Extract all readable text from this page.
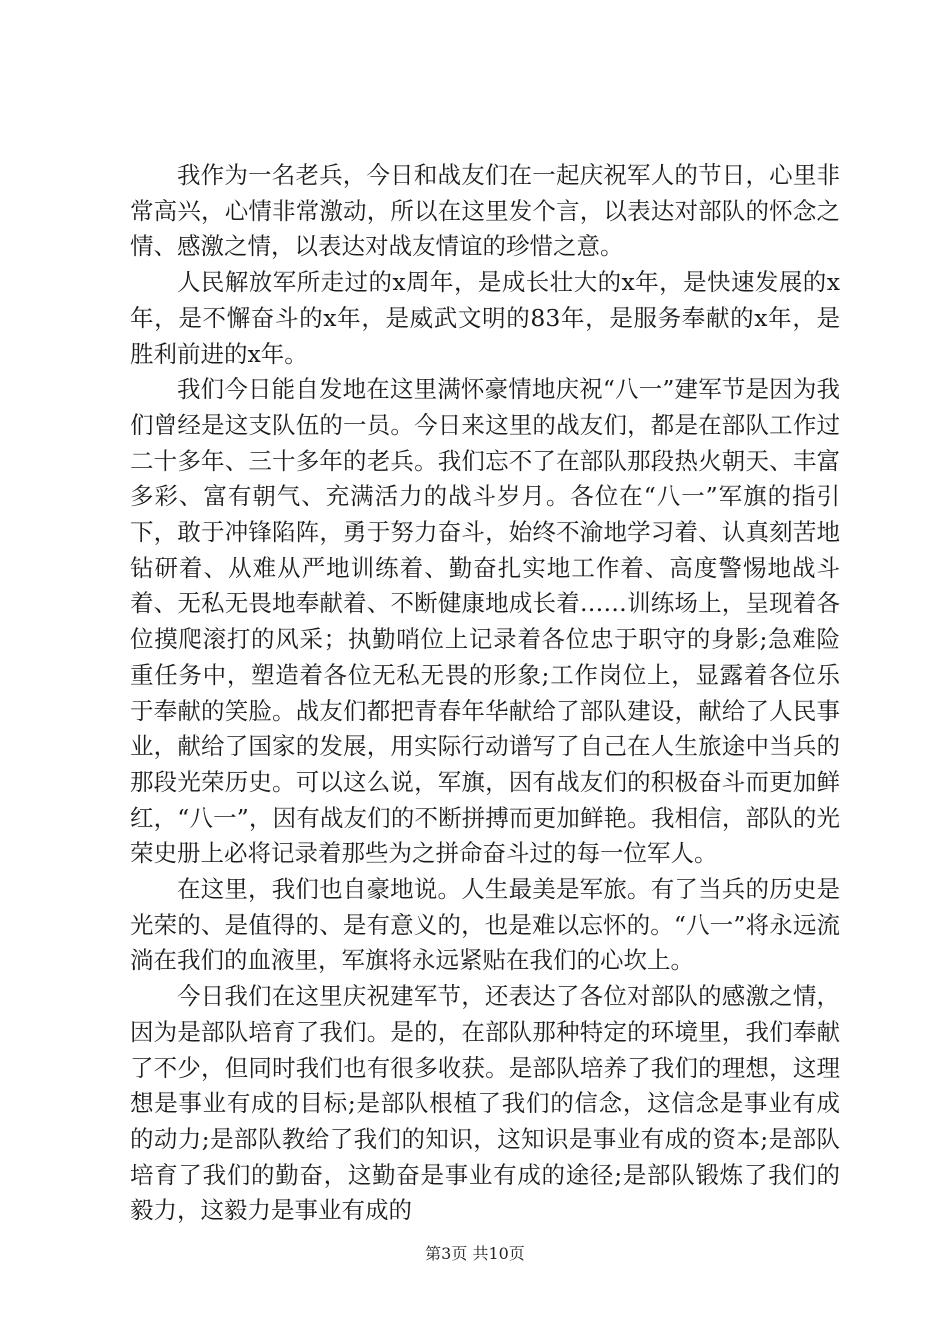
我作为一名老兵，今日和战友们在一起庆祝军人的节日，心里非常高兴，心情非常激动，所以在这里发个言，以表达对部队的怀念之情、感激之情，以表达对战友情谊的珍惜之意。

人民解放军所走过的x周年，是成长壮大的x年，是快速发展的x年，是不懈奋斗的x年，是威武文明的83年，是服务奉献的x年，是胜利前进的x年。

我们今日能自发地在这里满怀豪情地庆祝“八一”建军节是因为我们曾经是这支队伍的一员。今日来这里的战友们，都是在部队工作过二十多年、三十多年的老兵。我们忘不了在部队那段热火朝天、丰富多彩、富有朝气、充满活力的战斗岁月。各位在“八一”军旗的指引下，敢于冲锋陷阵，勇于努力奋斗，始终不渝地学习着、认真刻苦地钻研着、从难从严地训练着、勤奋扎实地工作着、高度警惕地战斗着、无私无畏地奉献着、不断健康地成长着……训练场上，呈现着各位摸爬滚打的风采；执勤哨位上记录着各位忠于职守的身影;急难险重任务中，塑造着各位无私无畏的形象;工作岗位上，显露着各位乐于奉献的笑脸。战友们都把青春年华献给了部队建设，献给了人民事业，献给了国家的发展，用实际行动谱写了自己在人生旅途中当兵的那段光荣历史。可以这么说，军旗，因有战友们的积极奋斗而更加鲜红，“八一”，因有战友们的不断拼搏而更加鲜艳。我相信，部队的光荣史册上必将记录着那些为之拼命奋斗过的每一位军人。

在这里，我们也自豪地说。人生最美是军旅。有了当兵的历史是光荣的、是值得的、是有意义的，也是难以忘怀的。“八一”将永远流淌在我们的血液里，军旗将永远紧贴在我们的心坎上。

今日我们在这里庆祝建军节，还表达了各位对部队的感激之情，因为是部队培育了我们。是的，在部队那种特定的环境里，我们奉献了不少，但同时我们也有很多收获。是部队培养了我们的理想，这理想是事业有成的目标;是部队根植了我们的信念，这信念是事业有成的动力;是部队教给了我们的知识，这知识是事业有成的资本;是部队培育了我们的勤奋，这勤奋是事业有成的途径;是部队锻炼了我们的毅力，这毅力是事业有成的

第3页 共10页
